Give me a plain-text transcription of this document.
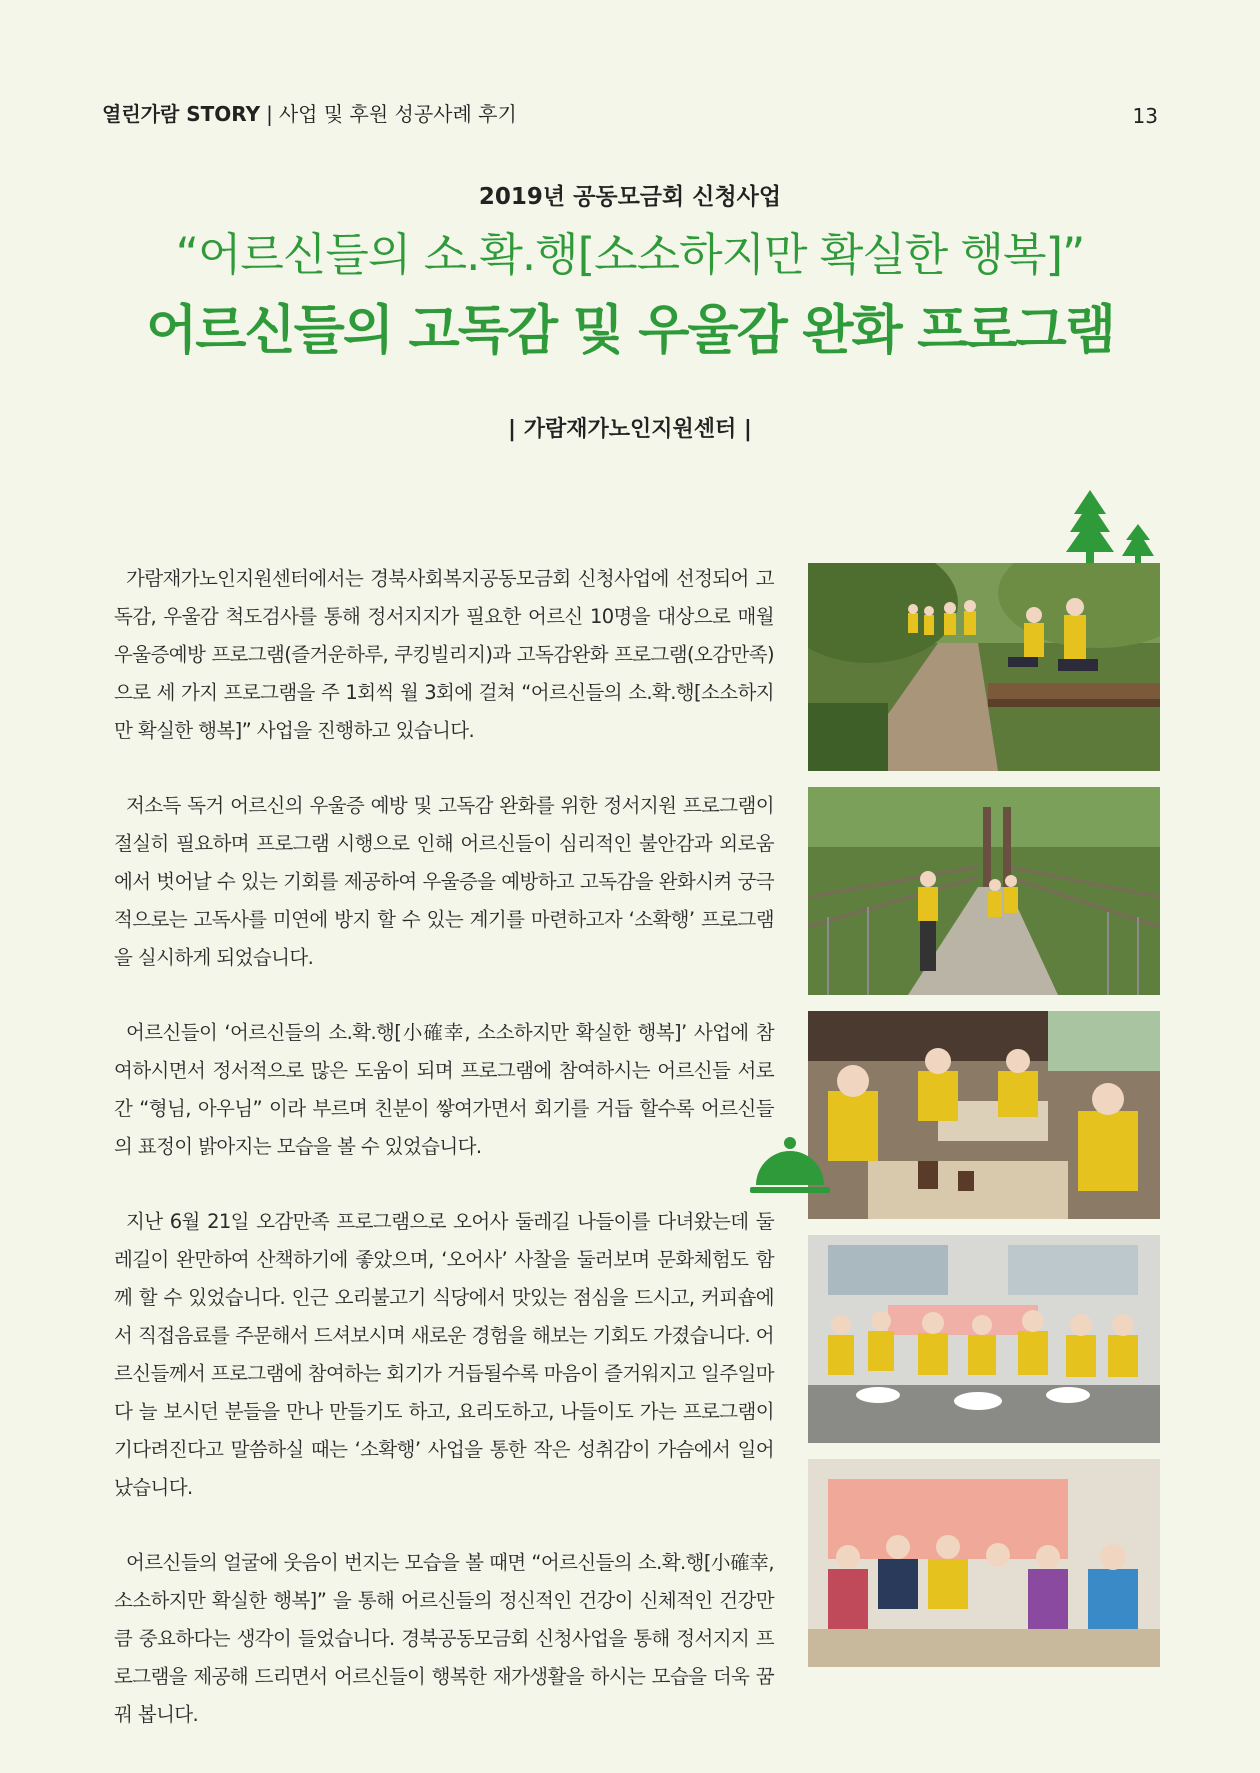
열린가람 STORY | 사업 및 후원 성공사례 후기	13
2019년 공동모금회 신청사업
“어르신들의 소.확.행[소소하지만 확실한 행복]”
어르신들의 고독감 및 우울감 완화 프로그램
| 가람재가노인지원센터 |

가람재가노인지원센터에서는 경북사회복지공동모금회 신청사업에 선정되어 고독감, 우울감 척도검사를 통해 정서지지가 필요한 어르신 10명을 대상으로 매월 우울증예방 프로그램(즐거운하루, 쿠킹빌리지)과 고독감완화 프로그램(오감만족)으로 세 가지 프로그램을 주 1회씩 월 3회에 걸쳐 “어르신들의 소.확.행[소소하지만 확실한 행복]” 사업을 진행하고 있습니다.

저소득 독거 어르신의 우울증 예방 및 고독감 완화를 위한 정서지원 프로그램이 절실히 필요하며 프로그램 시행으로 인해 어르신들이 심리적인 불안감과 외로움에서 벗어날 수 있는 기회를 제공하여 우울증을 예방하고 고독감을 완화시켜 궁극적으로는 고독사를 미연에 방지 할 수 있는 계기를 마련하고자 ‘소확행’ 프로그램을 실시하게 되었습니다.

어르신들이 ‘어르신들의 소.확.행[小確幸, 소소하지만 확실한 행복]’ 사업에 참여하시면서 정서적으로 많은 도움이 되며 프로그램에 참여하시는 어르신들 서로 간 “형님, 아우님” 이라 부르며 친분이 쌓여가면서 회기를 거듭 할수록 어르신들의 표정이 밝아지는 모습을 볼 수 있었습니다.

지난 6월 21일 오감만족 프로그램으로 오어사 둘레길 나들이를 다녀왔는데 둘레길이 완만하여 산책하기에 좋았으며, ‘오어사’ 사찰을 둘러보며 문화체험도 함께 할 수 있었습니다. 인근 오리불고기 식당에서 맛있는 점심을 드시고, 커피숍에서 직접음료를 주문해서 드셔보시며 새로운 경험을 해보는 기회도 가졌습니다. 어르신들께서 프로그램에 참여하는 회기가 거듭될수록 마음이 즐거워지고 일주일마다 늘 보시던 분들을 만나 만들기도 하고, 요리도하고, 나들이도 가는 프로그램이 기다려진다고 말씀하실 때는 ‘소확행’ 사업을 통한 작은 성취감이 가슴에서 일어났습니다.

어르신들의 얼굴에 웃음이 번지는 모습을 볼 때면 “어르신들의 소.확.행[小確幸, 소소하지만 확실한 행복]” 을 통해 어르신들의 정신적인 건강이 신체적인 건강만큼 중요하다는 생각이 들었습니다. 경북공동모금회 신청사업을 통해 정서지지 프로그램을 제공해 드리면서 어르신들이 행복한 재가생활을 하시는 모습을 더욱 꿈꿔 봅니다.
